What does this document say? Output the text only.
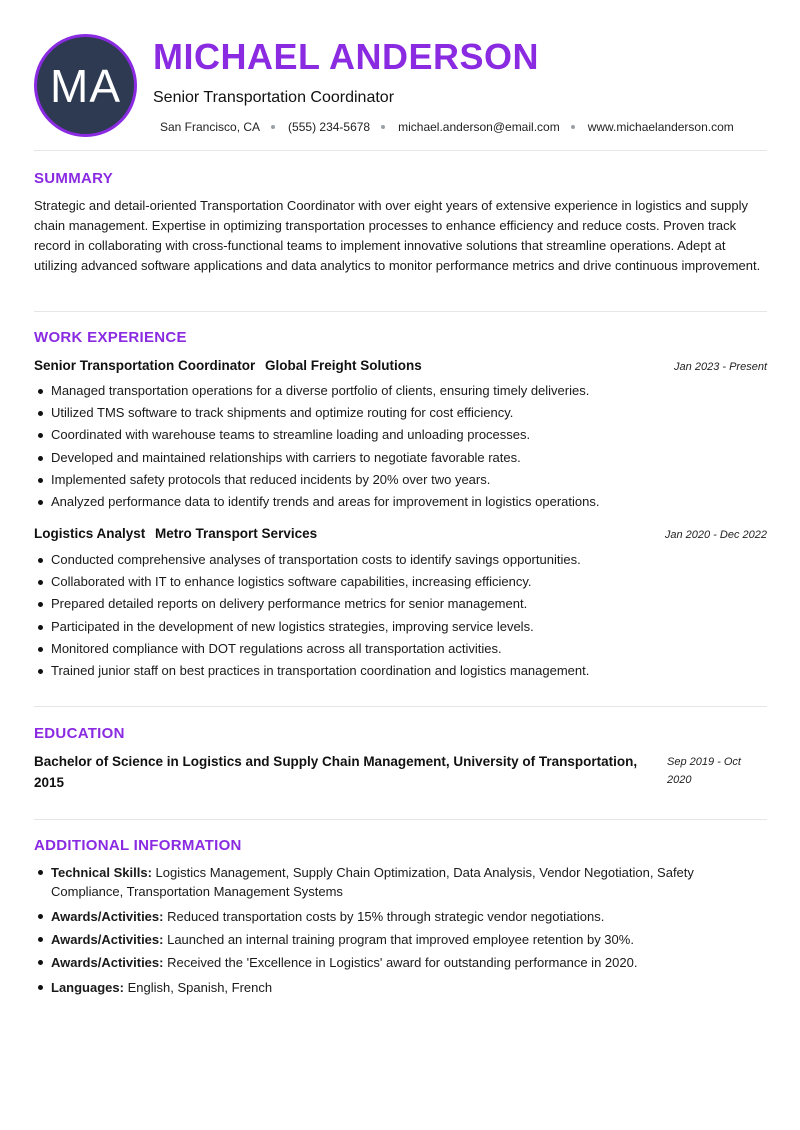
MA
MICHAEL ANDERSON
Senior Transportation Coordinator
San Francisco, CA (555) 234-5678 michael.anderson@email.com www.michaelanderson.com
SUMMARY

Strategic and detail-oriented Transportation Coordinator with over eight years of extensive experience in logistics and supply chain management. Expertise in optimizing transportation processes to enhance efficiency and reduce costs. Proven track record in collaborating with cross-functional teams to implement innovative solutions that streamline operations. Adept at utilizing advanced software applications and data analytics to monitor performance metrics and drive continuous improvement.

WORK EXPERIENCE
Senior Transportation Coordinator Global Freight Solutions	Jan 2023 - Present
Managed transportation operations for a diverse portfolio of clients, ensuring timely deliveries.
Utilized TMS software to track shipments and optimize routing for cost efficiency.
Coordinated with warehouse teams to streamline loading and unloading processes.
Developed and maintained relationships with carriers to negotiate favorable rates.
Implemented safety protocols that reduced incidents by 20% over two years.
Analyzed performance data to identify trends and areas for improvement in logistics operations.
Logistics Analyst Metro Transport Services	Jan 2020 - Dec 2022
Conducted comprehensive analyses of transportation costs to identify savings opportunities.
Collaborated with IT to enhance logistics software capabilities, increasing efficiency.
Prepared detailed reports on delivery performance metrics for senior management.
Participated in the development of new logistics strategies, improving service levels.
Monitored compliance with DOT regulations across all transportation activities.
Trained junior staff on best practices in transportation coordination and logistics management.
EDUCATION
Bachelor of Science in Logistics and Supply Chain Management, University of Transportation, 2015
Sep 2019 - Oct 2020
ADDITIONAL INFORMATION
Technical Skills: Logistics Management, Supply Chain Optimization, Data Analysis, Vendor Negotiation, Safety Compliance, Transportation Management Systems
Awards/Activities: Reduced transportation costs by 15% through strategic vendor negotiations.
Awards/Activities: Launched an internal training program that improved employee retention by 30%.
Awards/Activities: Received the 'Excellence in Logistics' award for outstanding performance in 2020.
Languages: English, Spanish, French
